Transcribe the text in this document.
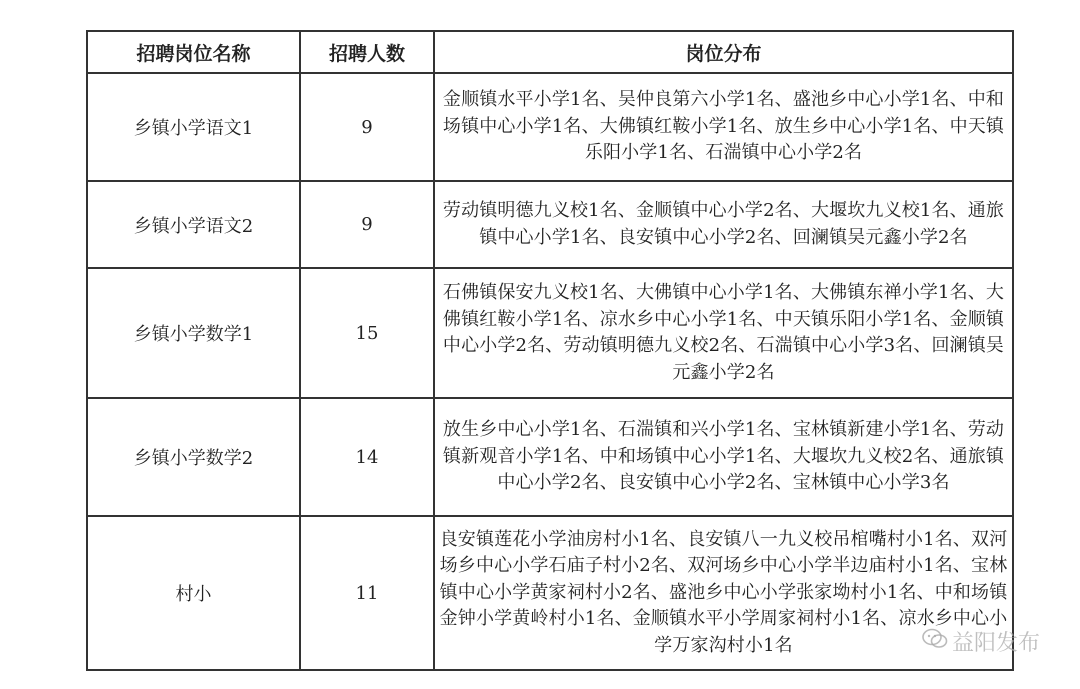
招聘岗位名称	招聘人数	岗位分布
乡镇小学语文1	9	金顺镇水平小学1名、吴仲良第六小学1名、盛池乡中心小学1名、中和场镇中心小学1名、大佛镇红鞍小学1名、放生乡中心小学1名、中天镇乐阳小学1名、石湍镇中心小学2名
乡镇小学语文2	9	劳动镇明德九义校1名、金顺镇中心小学2名、大堰坎九义校1名、通旅镇中心小学1名、良安镇中心小学2名、回澜镇吴元鑫小学2名
乡镇小学数学1	15	石佛镇保安九义校1名、大佛镇中心小学1名、大佛镇东禅小学1名、大佛镇红鞍小学1名、凉水乡中心小学1名、中天镇乐阳小学1名、金顺镇中心小学2名、劳动镇明德九义校2名、石湍镇中心小学3名、回澜镇吴元鑫小学2名
乡镇小学数学2	14	放生乡中心小学1名、石湍镇和兴小学1名、宝林镇新建小学1名、劳动镇新观音小学1名、中和场镇中心小学1名、大堰坎九义校2名、通旅镇中心小学2名、良安镇中心小学2名、宝林镇中心小学3名
村小	11	良安镇莲花小学油房村小1名、良安镇八一九义校吊棺嘴村小1名、双河场乡中心小学石庙子村小2名、双河场乡中心小学半边庙村小1名、宝林镇中心小学黄家祠村小2名、盛池乡中心小学张家坳村小1名、中和场镇金钟小学黄岭村小1名、金顺镇水平小学周家祠村小1名、凉水乡中心小学万家沟村小1名	益阳发布
